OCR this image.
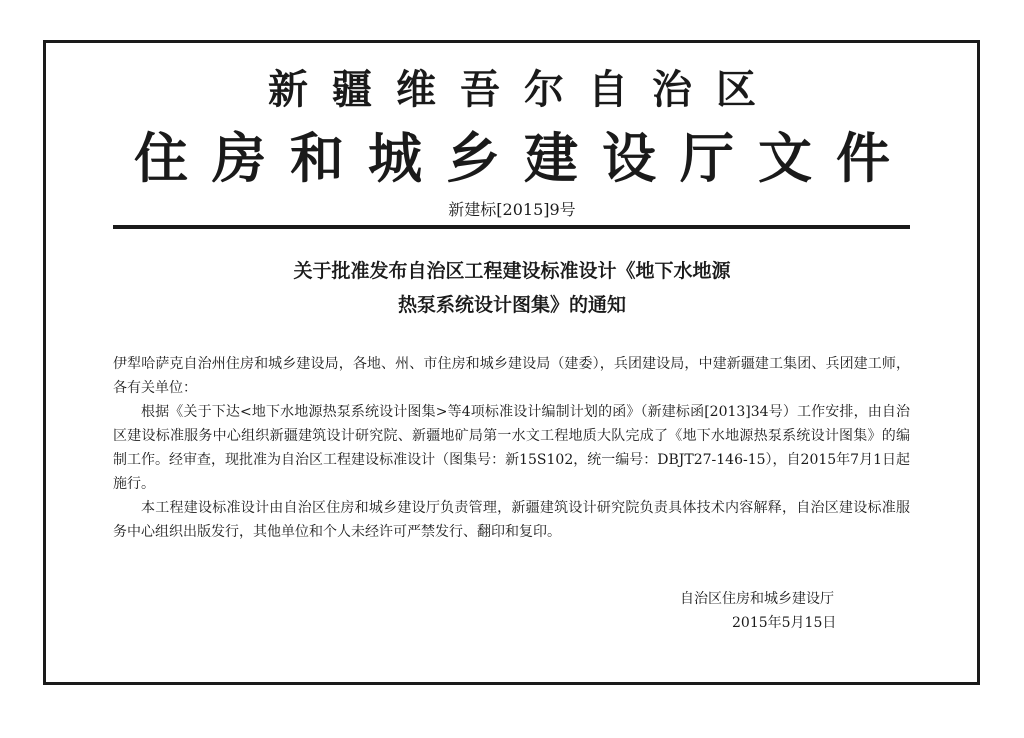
新疆维吾尔自治区
住房和城乡建设厅文件
新建标[2015]9号
关于批准发布自治区工程建设标准设计《地下水地源
热泵系统设计图集》的通知

伊犁哈萨克自治州住房和城乡建设局，各地、州、市住房和城乡建设局（建委），兵团建设局，中建新疆建工集团、兵团建工师，各有关单位：

根据《关于下达<地下水地源热泵系统设计图集>等4项标准设计编制计划的函》（新建标函[2013]34号）工作安排，由自治区建设标准服务中心组织新疆建筑设计研究院、新疆地矿局第一水文工程地质大队完成了《地下水地源热泵系统设计图集》的编制工作。经审查，现批准为自治区工程建设标准设计（图集号：新15S102，统一编号：DBJT27-146-15），自2015年7月1日起施行。

本工程建设标准设计由自治区住房和城乡建设厅负责管理，新疆建筑设计研究院负责具体技术内容解释，自治区建设标准服务中心组织出版发行，其他单位和个人未经许可严禁发行、翻印和复印。

自治区住房和城乡建设厅
2015年5月15日
